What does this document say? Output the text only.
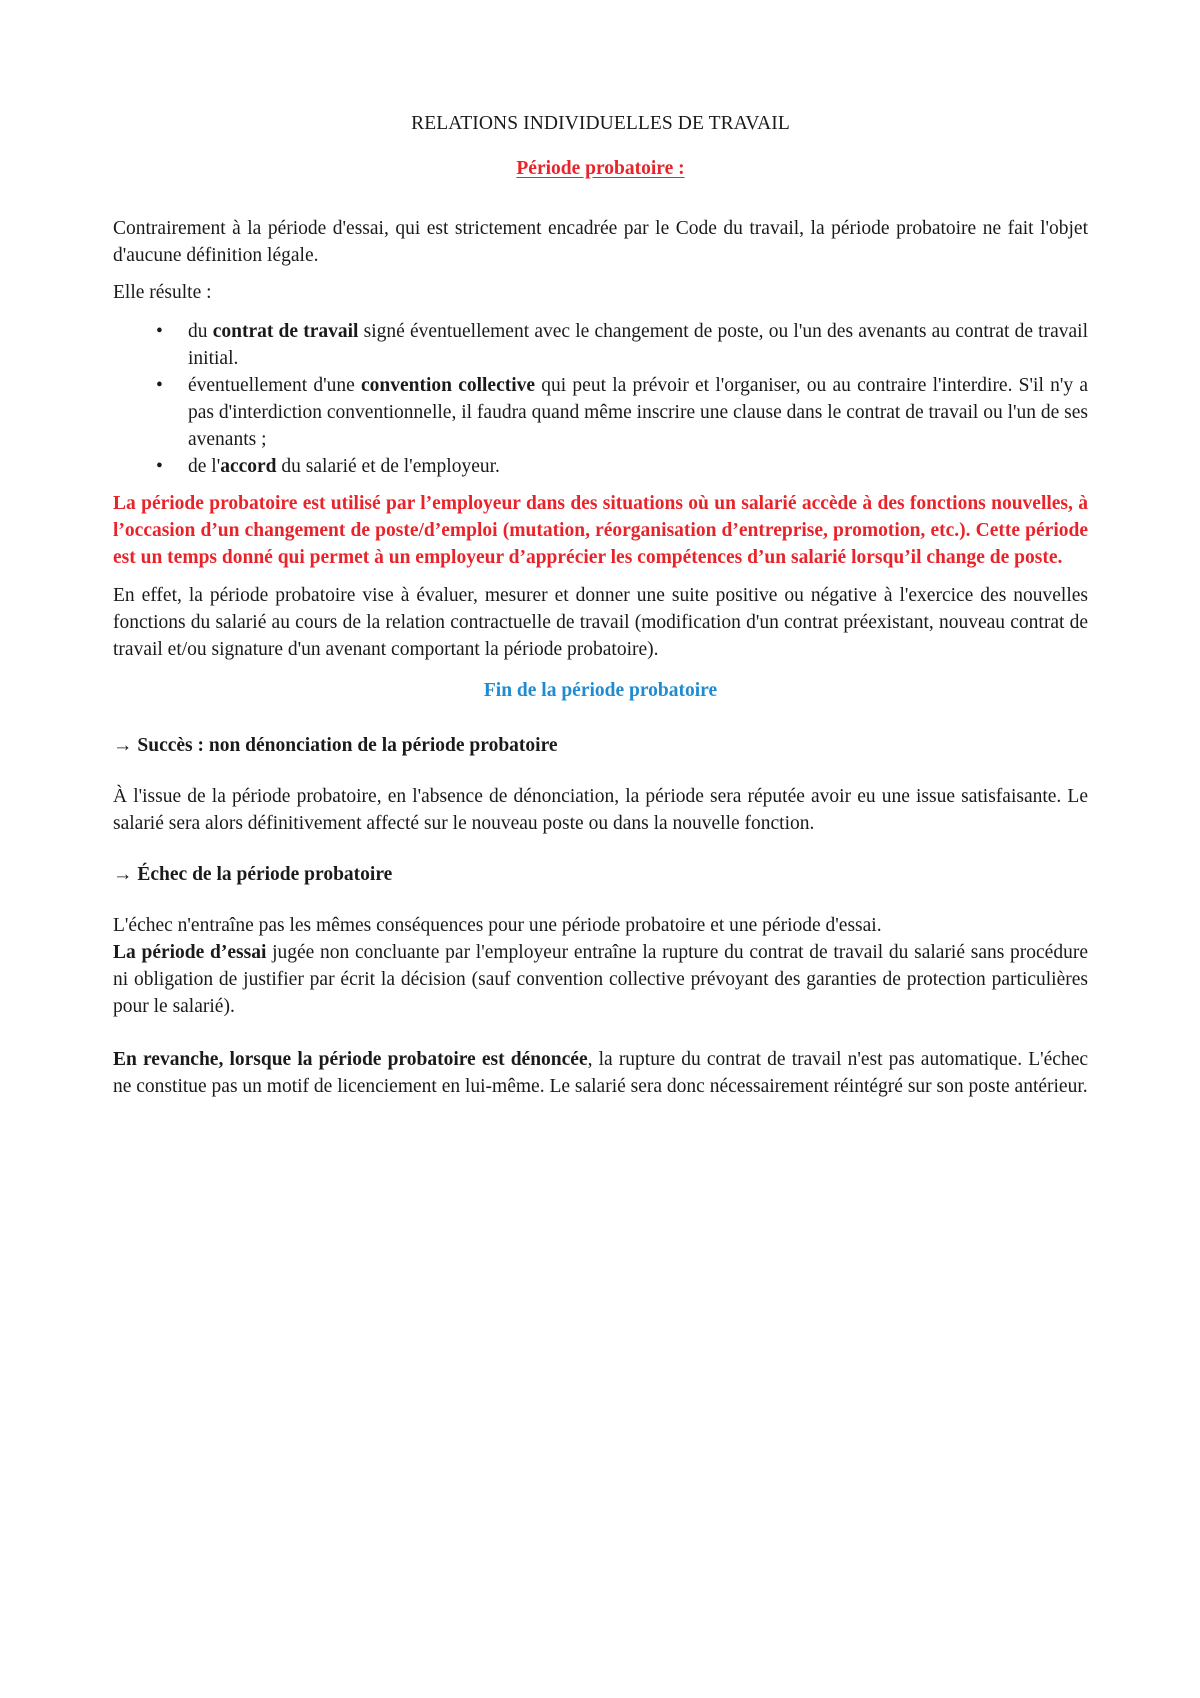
RELATIONS INDIVIDUELLES DE TRAVAIL

Période probatoire :

Contrairement à la période d'essai, qui est strictement encadrée par le Code du travail, la période probatoire ne fait l'objet d'aucune définition légale.

Elle résulte :

• du contrat de travail signé éventuellement avec le changement de poste, ou l'un des avenants au contrat de travail initial.
• éventuellement d'une convention collective qui peut la prévoir et l'organiser, ou au contraire l'interdire. S'il n'y a pas d'interdiction conventionnelle, il faudra quand même inscrire une clause dans le contrat de travail ou l'un de ses avenants ;
• de l'accord du salarié et de l'employeur.

La période probatoire est utilisé par l’employeur dans des situations où un salarié accède à des fonctions nouvelles, à l’occasion d’un changement de poste/d’emploi (mutation, réorganisation d’entreprise, promotion, etc.). Cette période est un temps donné qui permet à un employeur d’apprécier les compétences d’un salarié lorsqu’il change de poste.

En effet, la période probatoire vise à évaluer, mesurer et donner une suite positive ou négative à l'exercice des nouvelles fonctions du salarié au cours de la relation contractuelle de travail (modification d'un contrat préexistant, nouveau contrat de travail et/ou signature d'un avenant comportant la période probatoire).

Fin de la période probatoire

→ Succès : non dénonciation de la période probatoire

À l'issue de la période probatoire, en l'absence de dénonciation, la période sera réputée avoir eu une issue satisfaisante. Le salarié sera alors définitivement affecté sur le nouveau poste ou dans la nouvelle fonction.

→ Échec de la période probatoire

L'échec n'entraîne pas les mêmes conséquences pour une période probatoire et une période d'essai.

La période d’essai jugée non concluante par l'employeur entraîne la rupture du contrat de travail du salarié sans procédure ni obligation de justifier par écrit la décision (sauf convention collective prévoyant des garanties de protection particulières pour le salarié).

En revanche, lorsque la période probatoire est dénoncée, la rupture du contrat de travail n'est pas automatique. L'échec ne constitue pas un motif de licenciement en lui-même. Le salarié sera donc nécessairement réintégré sur son poste antérieur.
